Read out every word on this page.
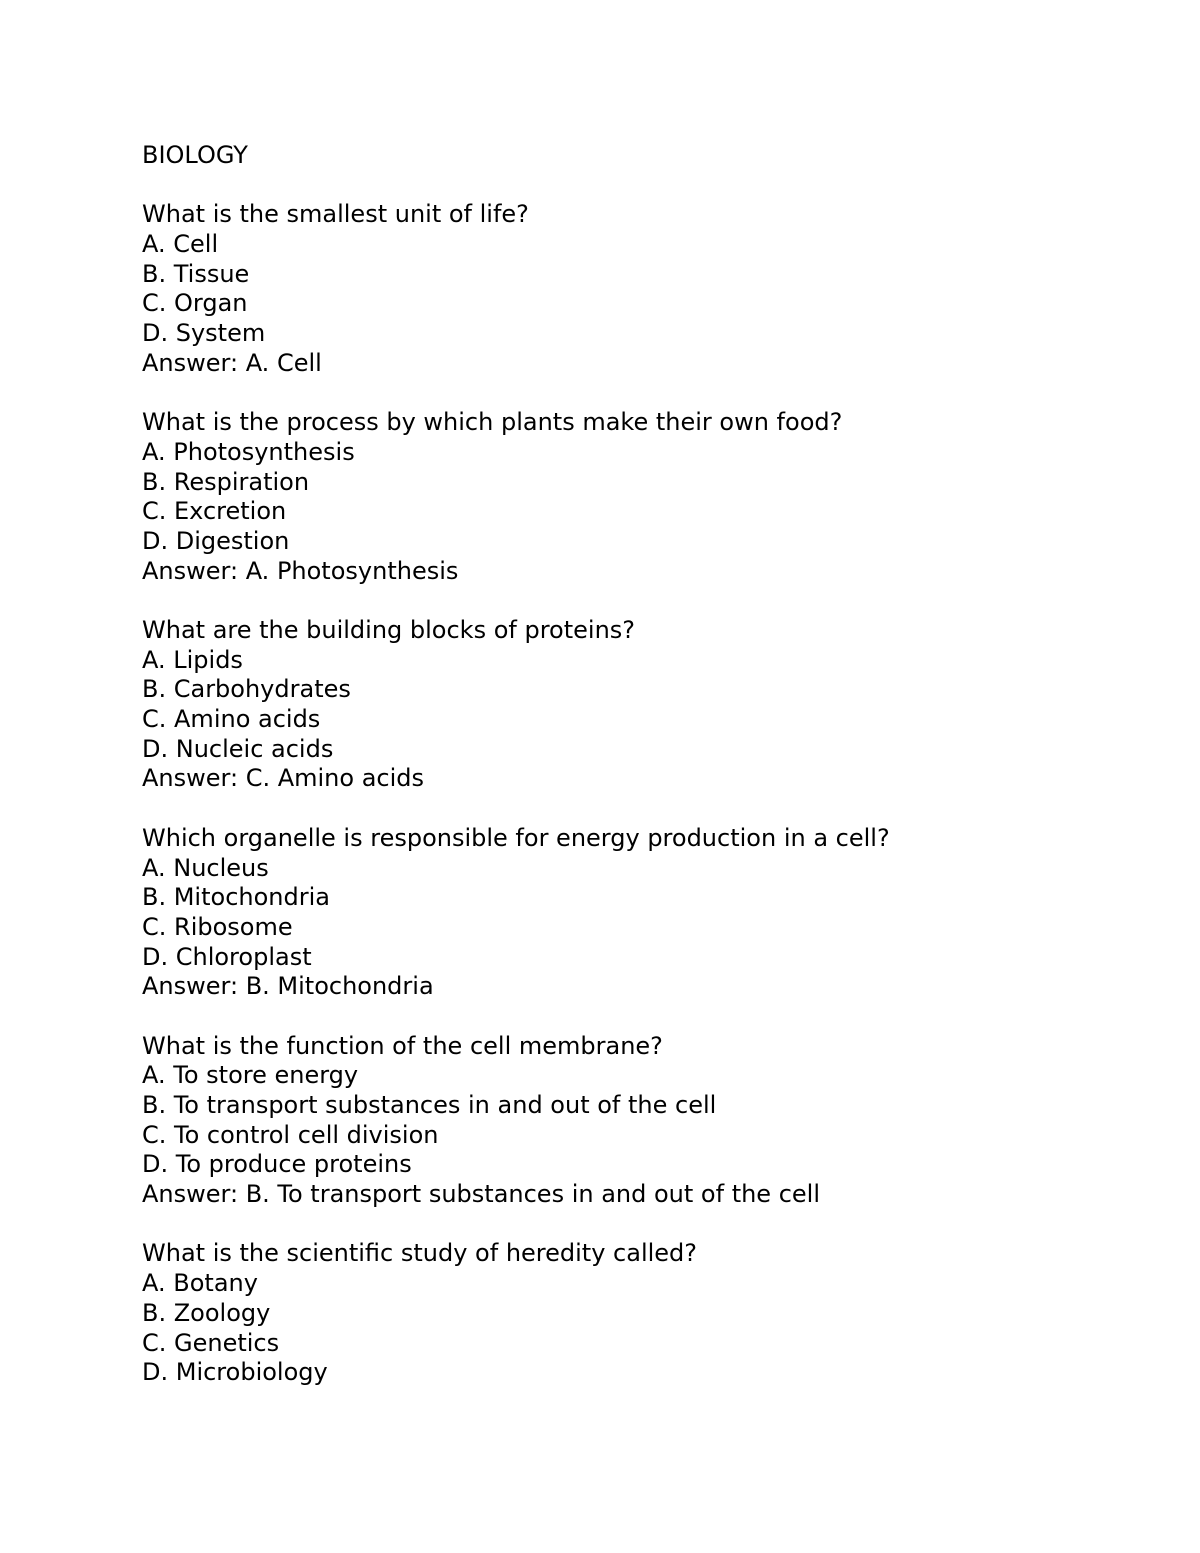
BIOLOGY
What is the smallest unit of life?
A. Cell
B. Tissue
C. Organ
D. System
Answer: A. Cell
What is the process by which plants make their own food?
A. Photosynthesis
B. Respiration
C. Excretion
D. Digestion
Answer: A. Photosynthesis
What are the building blocks of proteins?
A. Lipids
B. Carbohydrates
C. Amino acids
D. Nucleic acids
Answer: C. Amino acids
Which organelle is responsible for energy production in a cell?
A. Nucleus
B. Mitochondria
C. Ribosome
D. Chloroplast
Answer: B. Mitochondria
What is the function of the cell membrane?
A. To store energy
B. To transport substances in and out of the cell
C. To control cell division
D. To produce proteins
Answer: B. To transport substances in and out of the cell
What is the scientific study of heredity called?
A. Botany
B. Zoology
C. Genetics
D. Microbiology
